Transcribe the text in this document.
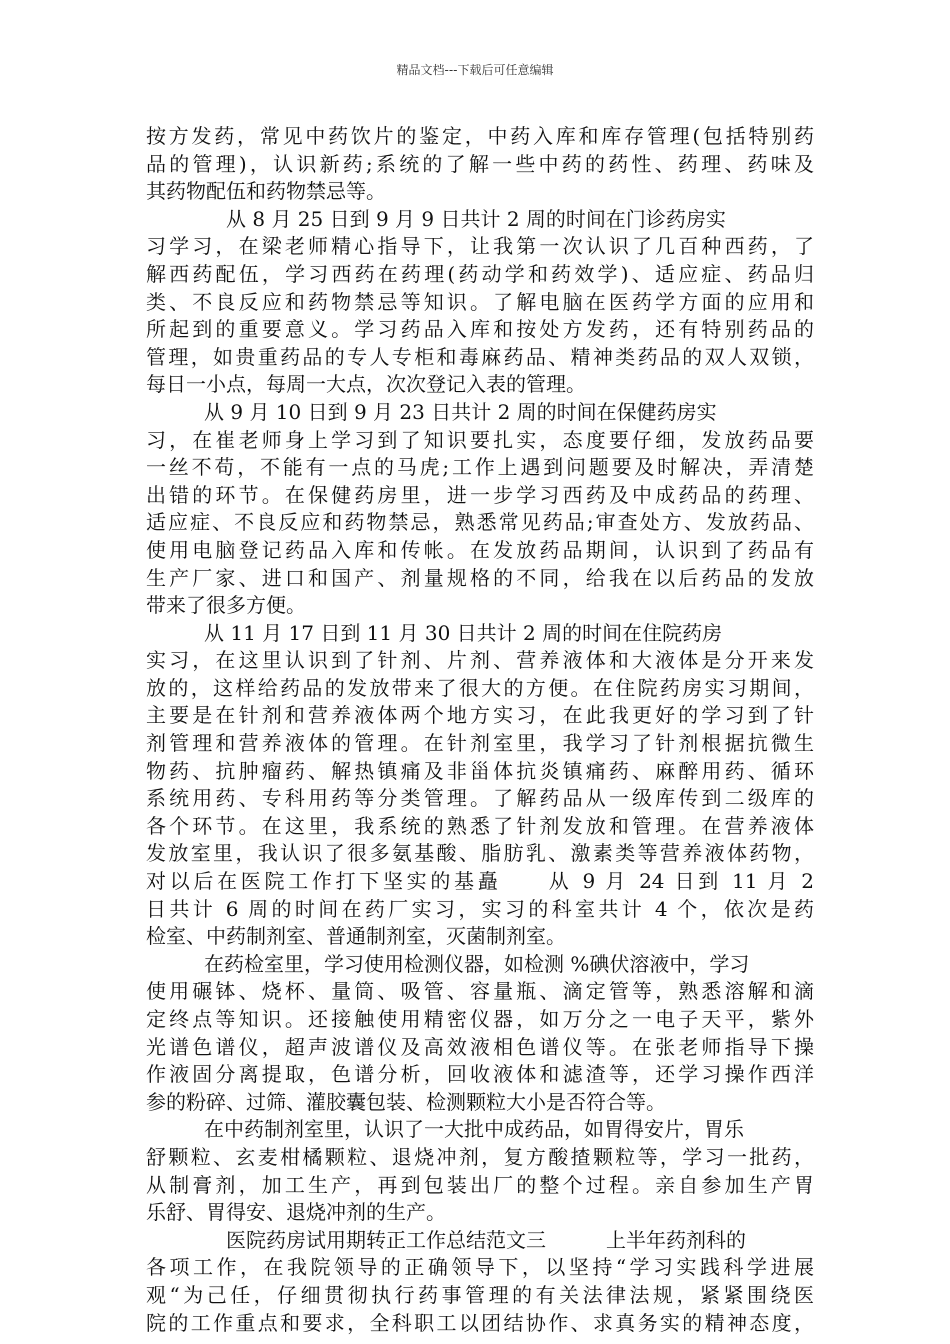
精品文档---下载后可任意编辑
按方发药，常见中药饮片的鉴定，中药入库和库存管理(包括特别药
品的管理)，认识新药;系统的了解一些中药的药性、药理、药味及
其药物配伍和药物禁忌等。
从 8 月 25 日到 9 月 9 日共计 2 周的时间在门诊药房实
习学习，在梁老师精心指导下，让我第一次认识了几百种西药，了
解西药配伍，学习西药在药理(药动学和药效学)、适应症、药品归
类、不良反应和药物禁忌等知识。了解电脑在医药学方面的应用和
所起到的重要意义。学习药品入库和按处方发药，还有特别药品的
管理，如贵重药品的专人专柜和毒麻药品、精神类药品的双人双锁，
每日一小点，每周一大点，次次登记入表的管理。
从 9 月 10 日到 9 月 23 日共计 2 周的时间在保健药房实
习，在崔老师身上学习到了知识要扎实，态度要仔细，发放药品要
一丝不苟，不能有一点的马虎;工作上遇到问题要及时解决，弄清楚
出错的环节。在保健药房里，进一步学习西药及中成药品的药理、
适应症、不良反应和药物禁忌，熟悉常见药品;审查处方、发放药品、
使用电脑登记药品入库和传帐。在发放药品期间，认识到了药品有
生产厂家、进口和国产、剂量规格的不同，给我在以后药品的发放
带来了很多方便。
从 11 月 17 日到 11 月 30 日共计 2 周的时间在住院药房
实习，在这里认识到了针剂、片剂、营养液体和大液体是分开来发
放的，这样给药品的发放带来了很大的方便。在住院药房实习期间，
主要是在针剂和营养液体两个地方实习，在此我更好的学习到了针
剂管理和营养液体的管理。在针剂室里，我学习了针剂根据抗微生
物药、抗肿瘤药、解热镇痛及非甾体抗炎镇痛药、麻醉用药、循环
系统用药、专科用药等分类管理。了解药品从一级库传到二级库的
各个环节。在这里，我系统的熟悉了针剂发放和管理。在营养液体
发放室里，我认识了很多氨基酸、脂肪乳、激素类等营养液体药物，
对以后在医院工作打下坚实的基矗　　从 9 月 24 日到 11 月 2
日共计 6 周的时间在药厂实习，实习的科室共计 4 个，依次是药
检室、中药制剂室、普通制剂室，灭菌制剂室。
在药检室里，学习使用检测仪器，如检测 %碘伏溶液中，学习
使用碾钵、烧杯、量筒、吸管、容量瓶、滴定管等，熟悉溶解和滴
定终点等知识。还接触使用精密仪器，如万分之一电子天平，紫外
光谱色谱仪，超声波谱仪及高效液相色谱仪等。在张老师指导下操
作液固分离提取，色谱分析，回收液体和滤渣等，还学习操作西洋
参的粉碎、过筛、灌胶囊包装、检测颗粒大小是否符合等。
在中药制剂室里，认识了一大批中成药品，如胃得安片，胃乐
舒颗粒、玄麦柑橘颗粒、退烧冲剂，复方酸揸颗粒等，学习一批药，
从制膏剂，加工生产，再到包装出厂的整个过程。亲自参加生产胃
乐舒、胃得安、退烧冲剂的生产。
医院药房试用期转正工作总结范文三　　　上半年药剂科的
各项工作，在我院领导的正确领导下，以坚持“学习实践科学进展
观“为己任，仔细贯彻执行药事管理的有关法律法规，紧紧围绕医
院的工作重点和要求，全科职工以团结协作、求真务实的精神态度，
